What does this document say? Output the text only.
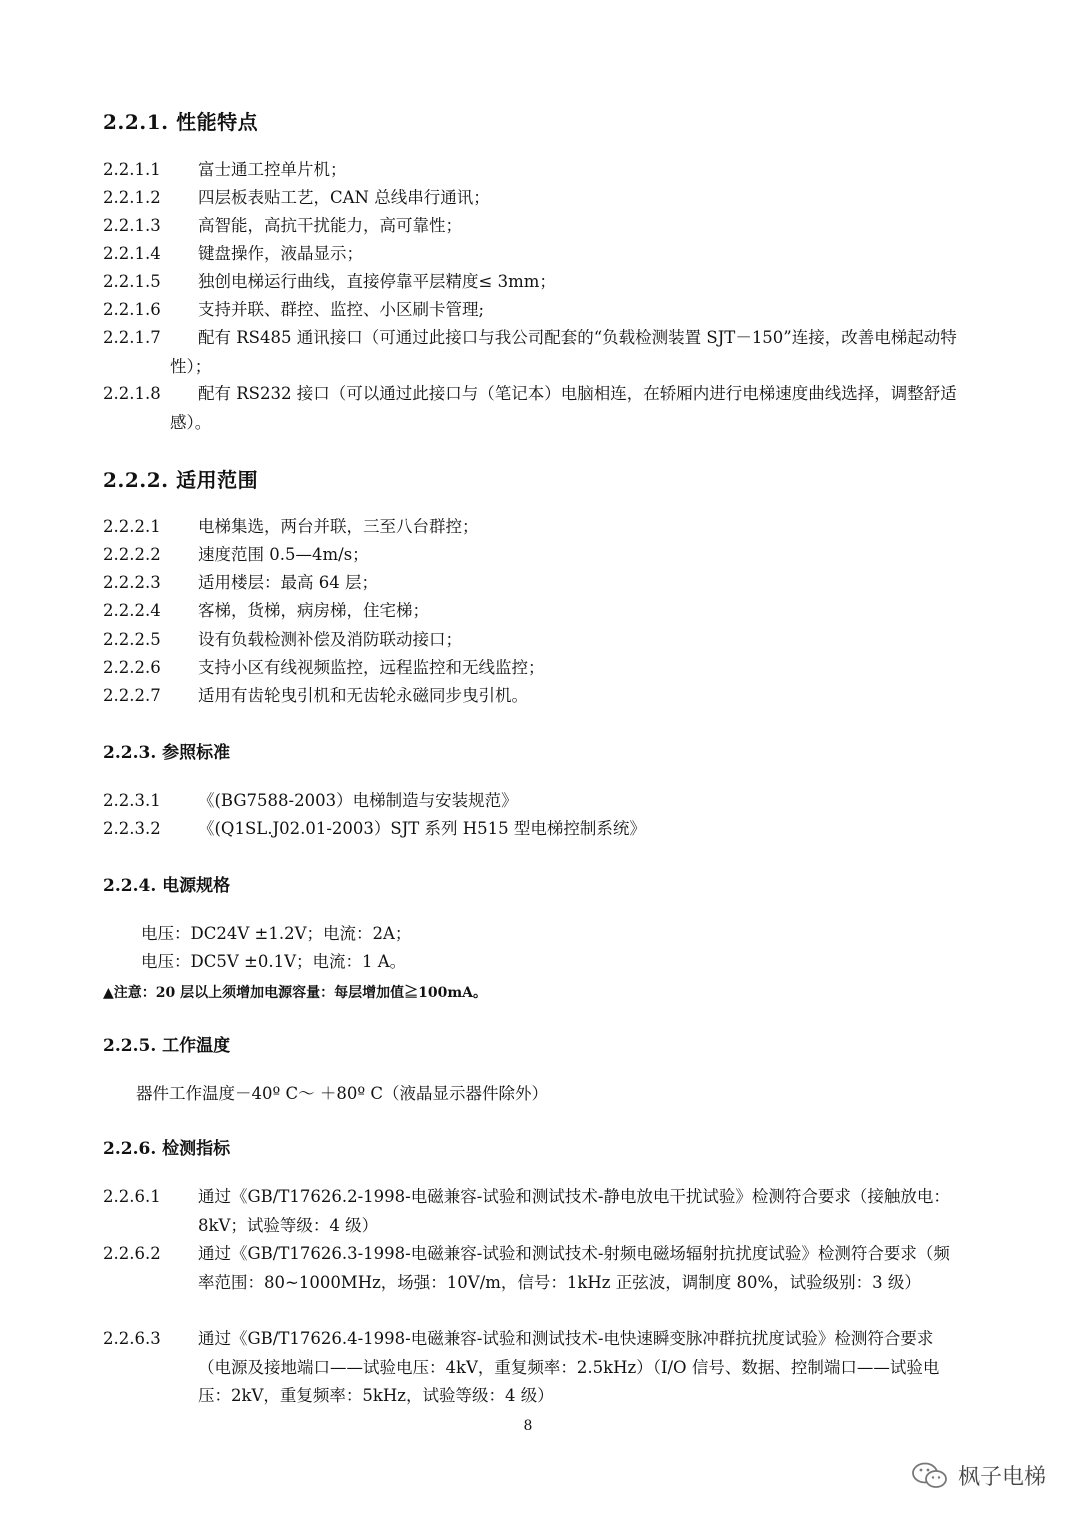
2.2.1. 性能特点
2.2.1.1	富士通工控单片机；
2.2.1.2	四层板表贴工艺，CAN 总线串行通讯；
2.2.1.3	高智能，高抗干扰能力，高可靠性；
2.2.1.4	键盘操作，液晶显示；
2.2.1.5	独创电梯运行曲线，直接停靠平层精度≤ 3mm；
2.2.1.6	支持并联、群控、监控、小区刷卡管理;
2.2.1.7	配有 RS485 通讯接口（可通过此接口与我公司配套的“负载检测装置 SJT－150”连接，改善电梯起动特性）；
2.2.1.8	配有 RS232 接口（可以通过此接口与（笔记本）电脑相连，在轿厢内进行电梯速度曲线选择，调整舒适感）。
2.2.2. 适用范围
2.2.2.1	电梯集选，两台并联，三至八台群控；
2.2.2.2	速度范围 0.5—4m/s；
2.2.2.3	适用楼层：最高 64 层；
2.2.2.4	客梯，货梯，病房梯，住宅梯；
2.2.2.5	设有负载检测补偿及消防联动接口；
2.2.2.6	支持小区有线视频监控，远程监控和无线监控；
2.2.2.7	适用有齿轮曳引机和无齿轮永磁同步曳引机。
2.2.3. 参照标准
2.2.3.1	《(BG7588-2003）电梯制造与安装规范》
2.2.3.2	《(Q1SL.J02.01-2003）SJT 系列 H515 型电梯控制系统》
2.2.4. 电源规格
电压：DC24V ±1.2V；电流：2A；
电压：DC5V ±0.1V；电流：1 A。
▲注意：20 层以上须增加电源容量：每层增加值≧100mA。
2.2.5. 工作温度
器件工作温度－40º C～ ＋80º C（液晶显示器件除外）
2.2.6. 检测指标
2.2.6.1	通过《GB/T17626.2-1998-电磁兼容-试验和测试技术-静电放电干扰试验》检测符合要求（接触放电：8kV；试验等级：4 级）
2.2.6.2	通过《GB/T17626.3-1998-电磁兼容-试验和测试技术-射频电磁场辐射抗扰度试验》检测符合要求（频率范围：80~1000MHz，场强：10V/m，信号：1kHz 正弦波，调制度 80%，试验级别：3 级）
2.2.6.3	通过《GB/T17626.4-1998-电磁兼容-试验和测试技术-电快速瞬变脉冲群抗扰度试验》检测符合要求（电源及接地端口——试验电压：4kV，重复频率：2.5kHz）（I/O 信号、数据、控制端口——试验电压：2kV，重复频率：5kHz，试验等级：4 级）
8
枫子电梯
